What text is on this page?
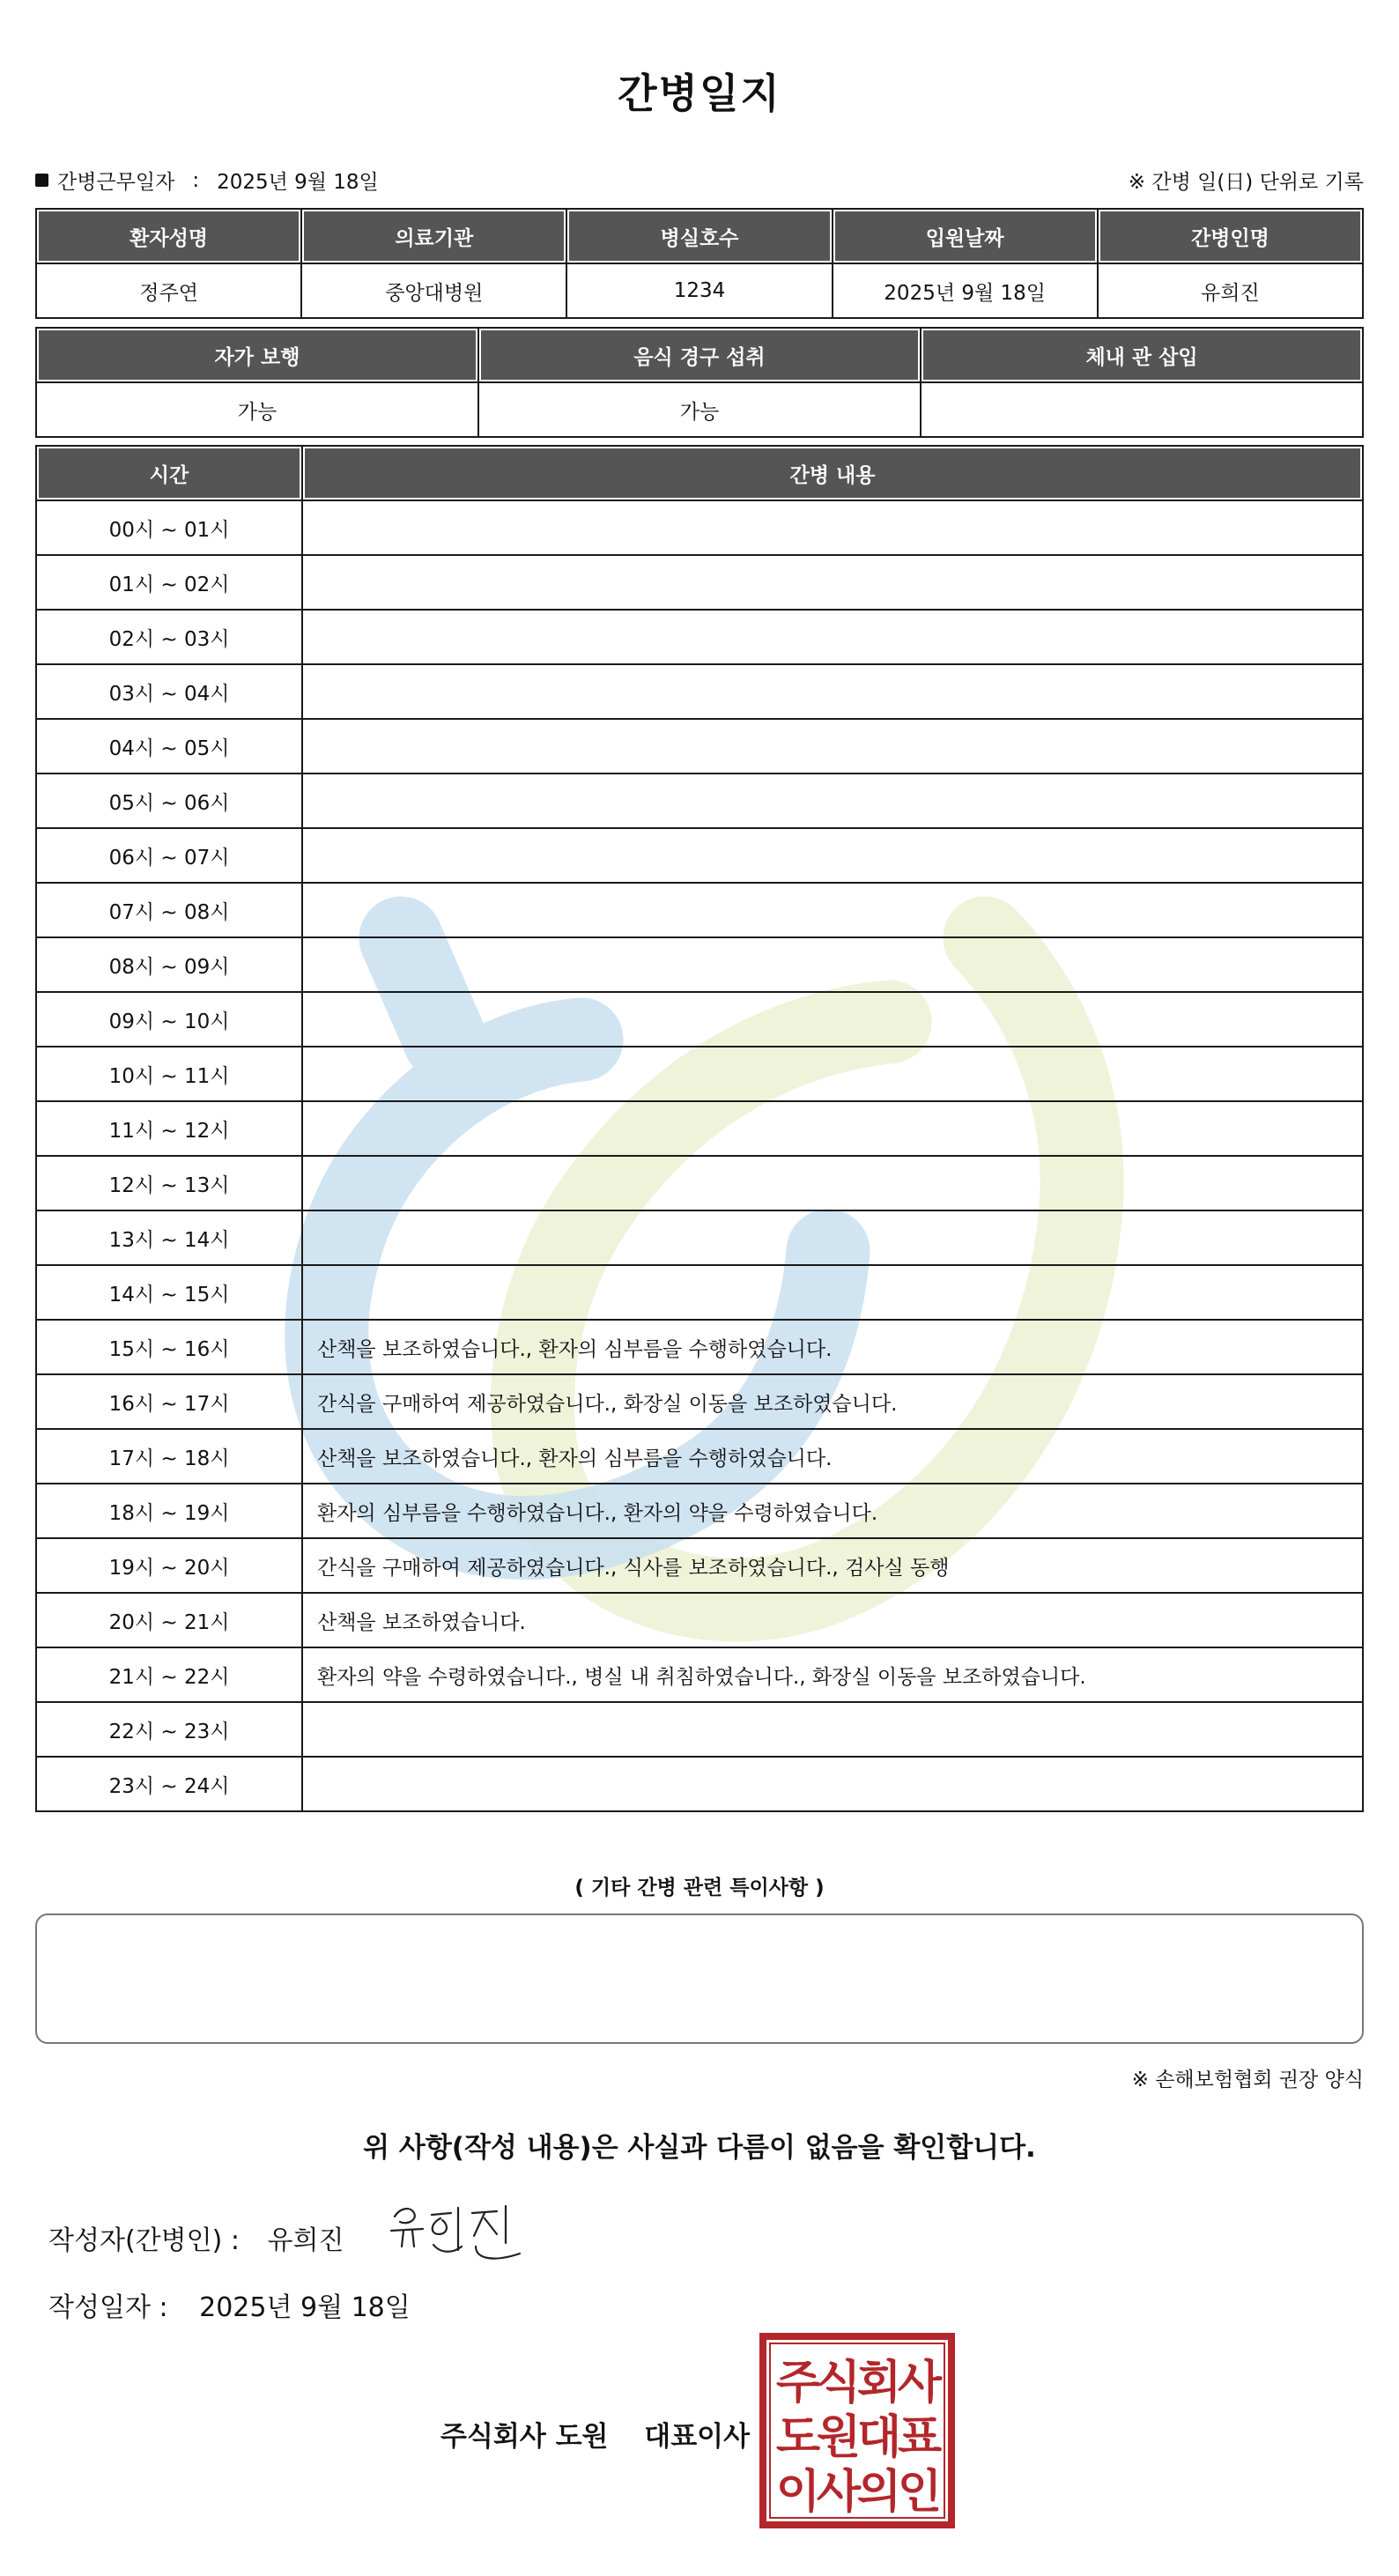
간병일지
간병근무일자 : 2025년 9월 18일	※ 간병 일(日) 단위로 기록
환자성명	의료기관	병실호수	입원날짜	간병인명
정주연	중앙대병원	1234	2025년 9월 18일	유희진
자가 보행	음식 경구 섭취	체내 관 삽입
가능	가능	
시간	간병 내용
00시 ~ 01시	
01시 ~ 02시	
02시 ~ 03시	
03시 ~ 04시	
04시 ~ 05시	
05시 ~ 06시	
06시 ~ 07시	
07시 ~ 08시	
08시 ~ 09시	
09시 ~ 10시	
10시 ~ 11시	
11시 ~ 12시	
12시 ~ 13시	
13시 ~ 14시	
14시 ~ 15시	
15시 ~ 16시	산책을 보조하였습니다., 환자의 심부름을 수행하였습니다.
16시 ~ 17시	간식을 구매하여 제공하였습니다., 화장실 이동을 보조하였습니다.
17시 ~ 18시	산책을 보조하였습니다., 환자의 심부름을 수행하였습니다.
18시 ~ 19시	환자의 심부름을 수행하였습니다., 환자의 약을 수령하였습니다.
19시 ~ 20시	간식을 구매하여 제공하였습니다., 식사를 보조하였습니다., 검사실 동행
20시 ~ 21시	산책을 보조하였습니다.
21시 ~ 22시	환자의 약을 수령하였습니다., 병실 내 취침하였습니다., 화장실 이동을 보조하였습니다.
22시 ~ 23시	
23시 ~ 24시	
( 기타 간병 관련 특이사항 )
※ 손해보험협회 권장 양식
위 사항(작성 내용)은 사실과 다름이 없음을 확인합니다.
작성자(간병인) : 유희진
작성일자 : 2025년 9월 18일
주식회사 도원 대표이사
주
식
회
사
도
원
대
표
이
사
의
인
